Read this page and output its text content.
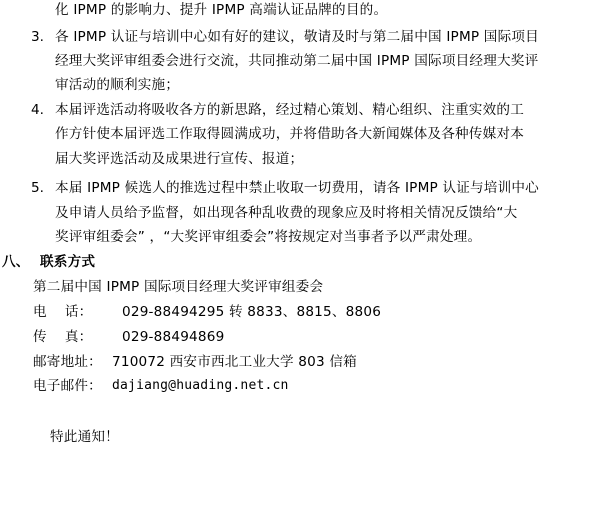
化 IPMP 的影响力、提升 IPMP 高端认证品牌的目的。
3. 各 IPMP 认证与培训中心如有好的建议，敬请及时与第二届中国 IPMP 国际项目
经理大奖评审组委会进行交流，共同推动第二届中国 IPMP 国际项目经理大奖评
审活动的顺利实施；
4. 本届评选活动将吸收各方的新思路，经过精心策划、精心组织、注重实效的工
作方针使本届评选工作取得圆满成功，并将借助各大新闻媒体及各种传媒对本
届大奖评选活动及成果进行宣传、报道；
5. 本届 IPMP 候选人的推选过程中禁止收取一切费用，请各 IPMP 认证与培训中心
及申请人员给予监督，如出现各种乱收费的现象应及时将相关情况反馈给“大
奖评审组委会” ，“大奖评审组委会”将按规定对当事者予以严肃处理。
八、 联系方式
第二届中国 IPMP 国际项目经理大奖评审组委会
电    话： 029-88494295 转 8833、8815、8806
传    真： 029-88494869
邮寄地址： 710072 西安市西北工业大学 803 信箱
电子邮件： dajiang@huading.net.cn
特此通知！
